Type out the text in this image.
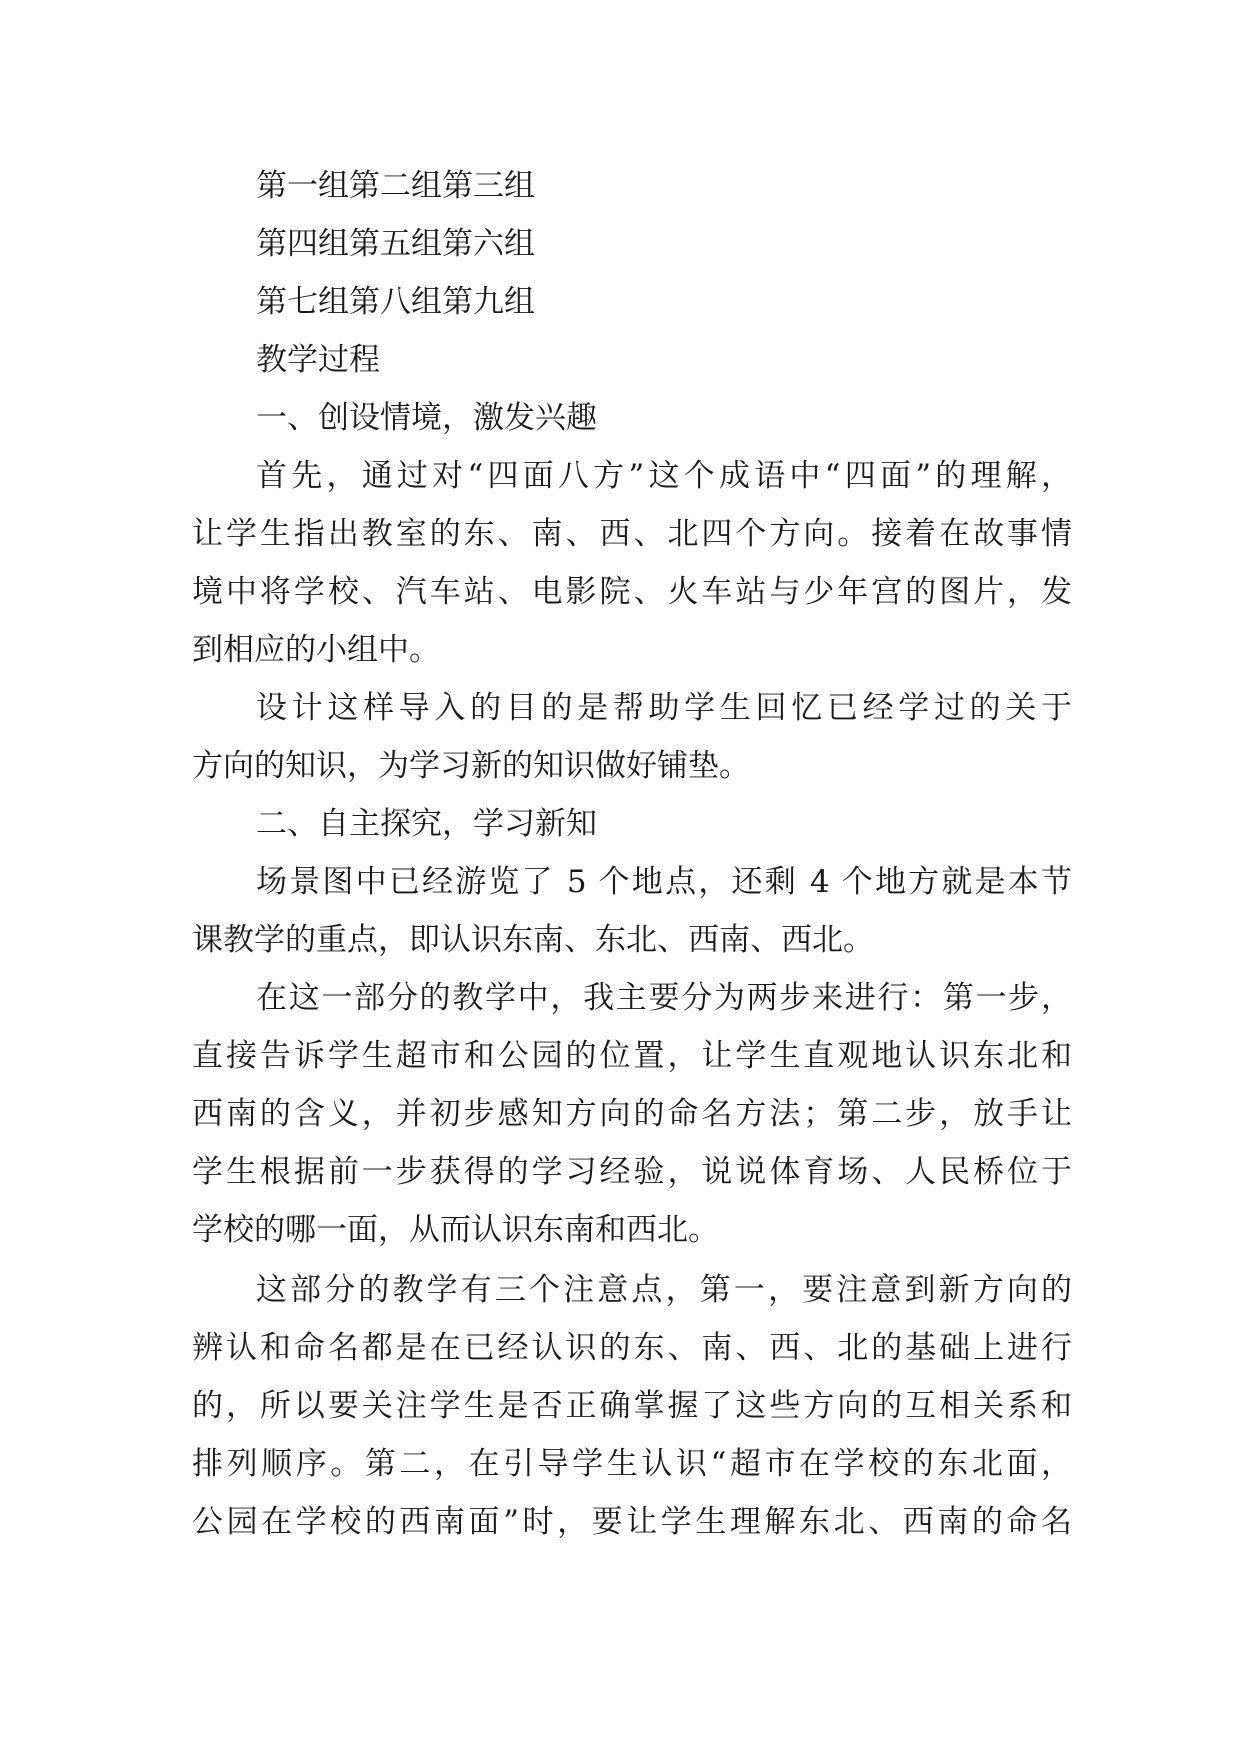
第一组第二组第三组
第四组第五组第六组
第七组第八组第九组
教学过程
一、创设情境，激发兴趣
首先，通过对“四面八方”这个成语中“四面”的理解，
让学生指出教室的东、南、西、北四个方向。接着在故事情
境中将学校、汽车站、电影院、火车站与少年宫的图片，发
到相应的小组中。
设计这样导入的目的是帮助学生回忆已经学过的关于
方向的知识，为学习新的知识做好铺垫。
二、自主探究，学习新知
场景图中已经游览了 5 个地点，还剩 4 个地方就是本节
课教学的重点，即认识东南、东北、西南、西北。
在这一部分的教学中，我主要分为两步来进行：第一步，
直接告诉学生超市和公园的位置，让学生直观地认识东北和
西南的含义，并初步感知方向的命名方法；第二步，放手让
学生根据前一步获得的学习经验，说说体育场、人民桥位于
学校的哪一面，从而认识东南和西北。
这部分的教学有三个注意点，第一，要注意到新方向的
辨认和命名都是在已经认识的东、南、西、北的基础上进行
的，所以要关注学生是否正确掌握了这些方向的互相关系和
排列顺序。第二，在引导学生认识“超市在学校的东北面，
公园在学校的西南面”时，要让学生理解东北、西南的命名
